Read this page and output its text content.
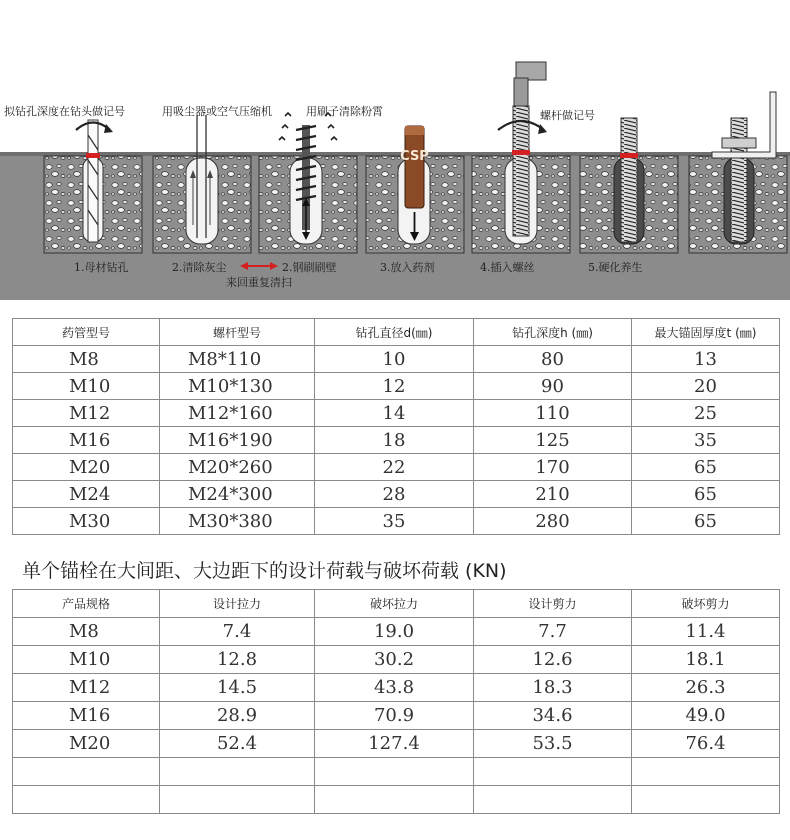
CSP
拟钻孔深度在钻头做记号	用吸尘器或空气压缩机	用刷子清除粉霄	螺杆做记号
1.母材钻孔	2.清除灰尘	2.钢刷刷壁
来回重复清扫
3.放入药剂	4.插入螺丝	5.硬化养生
药管型号	螺杆型号	钻孔直径d(㎜)	钻孔深度h (㎜)	最大锚固厚度t (㎜)
M8	M8*110	10	80	13
M10	M10*130	12	90	20
M12	M12*160	14	110	25
M16	M16*190	18	125	35
M20	M20*260	22	170	65
M24	M24*300	28	210	65
M30	M30*380	35	280	65
单个锚栓在大间距、大边距下的设计荷载与破坏荷载 (KN)
产品规格	设计拉力	破坏拉力	设计剪力	破坏剪力
M8	7.4	19.0	7.7	11.4
M10	12.8	30.2	12.6	18.1
M12	14.5	43.8	18.3	26.3
M16	28.9	70.9	34.6	49.0
M20	52.4	127.4	53.5	76.4
